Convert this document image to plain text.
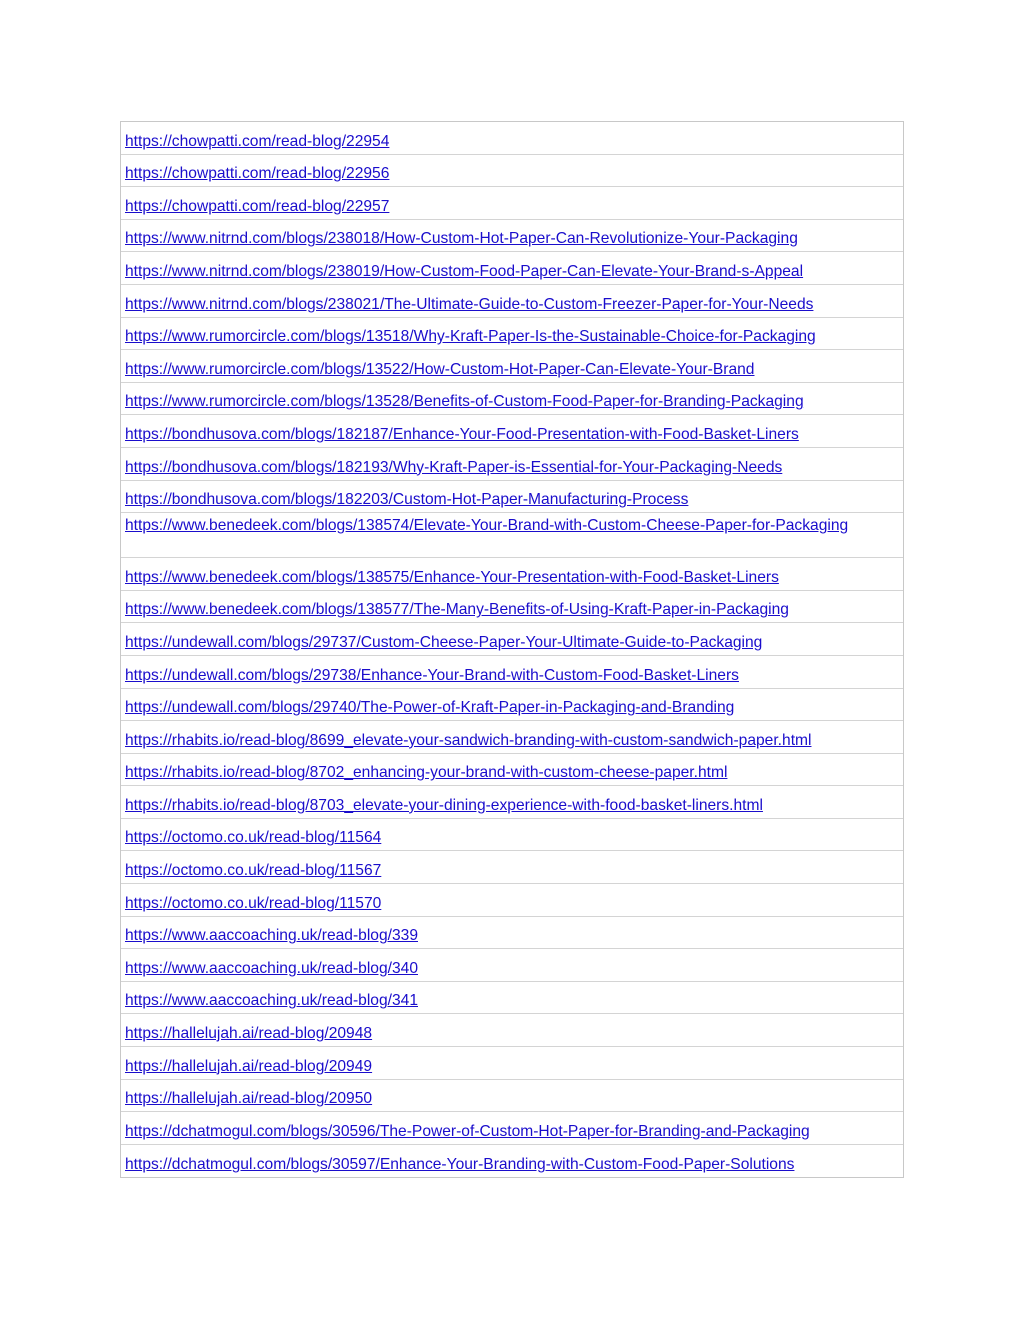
https://chowpatti.com/read-blog/22954
https://chowpatti.com/read-blog/22956
https://chowpatti.com/read-blog/22957
https://www.nitrnd.com/blogs/238018/How-Custom-Hot-Paper-Can-Revolutionize-Your-Packaging
https://www.nitrnd.com/blogs/238019/How-Custom-Food-Paper-Can-Elevate-Your-Brand-s-Appeal
https://www.nitrnd.com/blogs/238021/The-Ultimate-Guide-to-Custom-Freezer-Paper-for-Your-Needs
https://www.rumorcircle.com/blogs/13518/Why-Kraft-Paper-Is-the-Sustainable-Choice-for-Packaging
https://www.rumorcircle.com/blogs/13522/How-Custom-Hot-Paper-Can-Elevate-Your-Brand
https://www.rumorcircle.com/blogs/13528/Benefits-of-Custom-Food-Paper-for-Branding-Packaging
https://bondhusova.com/blogs/182187/Enhance-Your-Food-Presentation-with-Food-Basket-Liners
https://bondhusova.com/blogs/182193/Why-Kraft-Paper-is-Essential-for-Your-Packaging-Needs
https://bondhusova.com/blogs/182203/Custom-Hot-Paper-Manufacturing-Process
https://www.benedeek.com/blogs/138574/Elevate-Your-Brand-with-Custom-Cheese-Paper-for-Packaging
https://www.benedeek.com/blogs/138575/Enhance-Your-Presentation-with-Food-Basket-Liners
https://www.benedeek.com/blogs/138577/The-Many-Benefits-of-Using-Kraft-Paper-in-Packaging
https://undewall.com/blogs/29737/Custom-Cheese-Paper-Your-Ultimate-Guide-to-Packaging
https://undewall.com/blogs/29738/Enhance-Your-Brand-with-Custom-Food-Basket-Liners
https://undewall.com/blogs/29740/The-Power-of-Kraft-Paper-in-Packaging-and-Branding
https://rhabits.io/read-blog/8699_elevate-your-sandwich-branding-with-custom-sandwich-paper.html
https://rhabits.io/read-blog/8702_enhancing-your-brand-with-custom-cheese-paper.html
https://rhabits.io/read-blog/8703_elevate-your-dining-experience-with-food-basket-liners.html
https://octomo.co.uk/read-blog/11564
https://octomo.co.uk/read-blog/11567
https://octomo.co.uk/read-blog/11570
https://www.aaccoaching.uk/read-blog/339
https://www.aaccoaching.uk/read-blog/340
https://www.aaccoaching.uk/read-blog/341
https://hallelujah.ai/read-blog/20948
https://hallelujah.ai/read-blog/20949
https://hallelujah.ai/read-blog/20950
https://dchatmogul.com/blogs/30596/The-Power-of-Custom-Hot-Paper-for-Branding-and-Packaging
https://dchatmogul.com/blogs/30597/Enhance-Your-Branding-with-Custom-Food-Paper-Solutions
